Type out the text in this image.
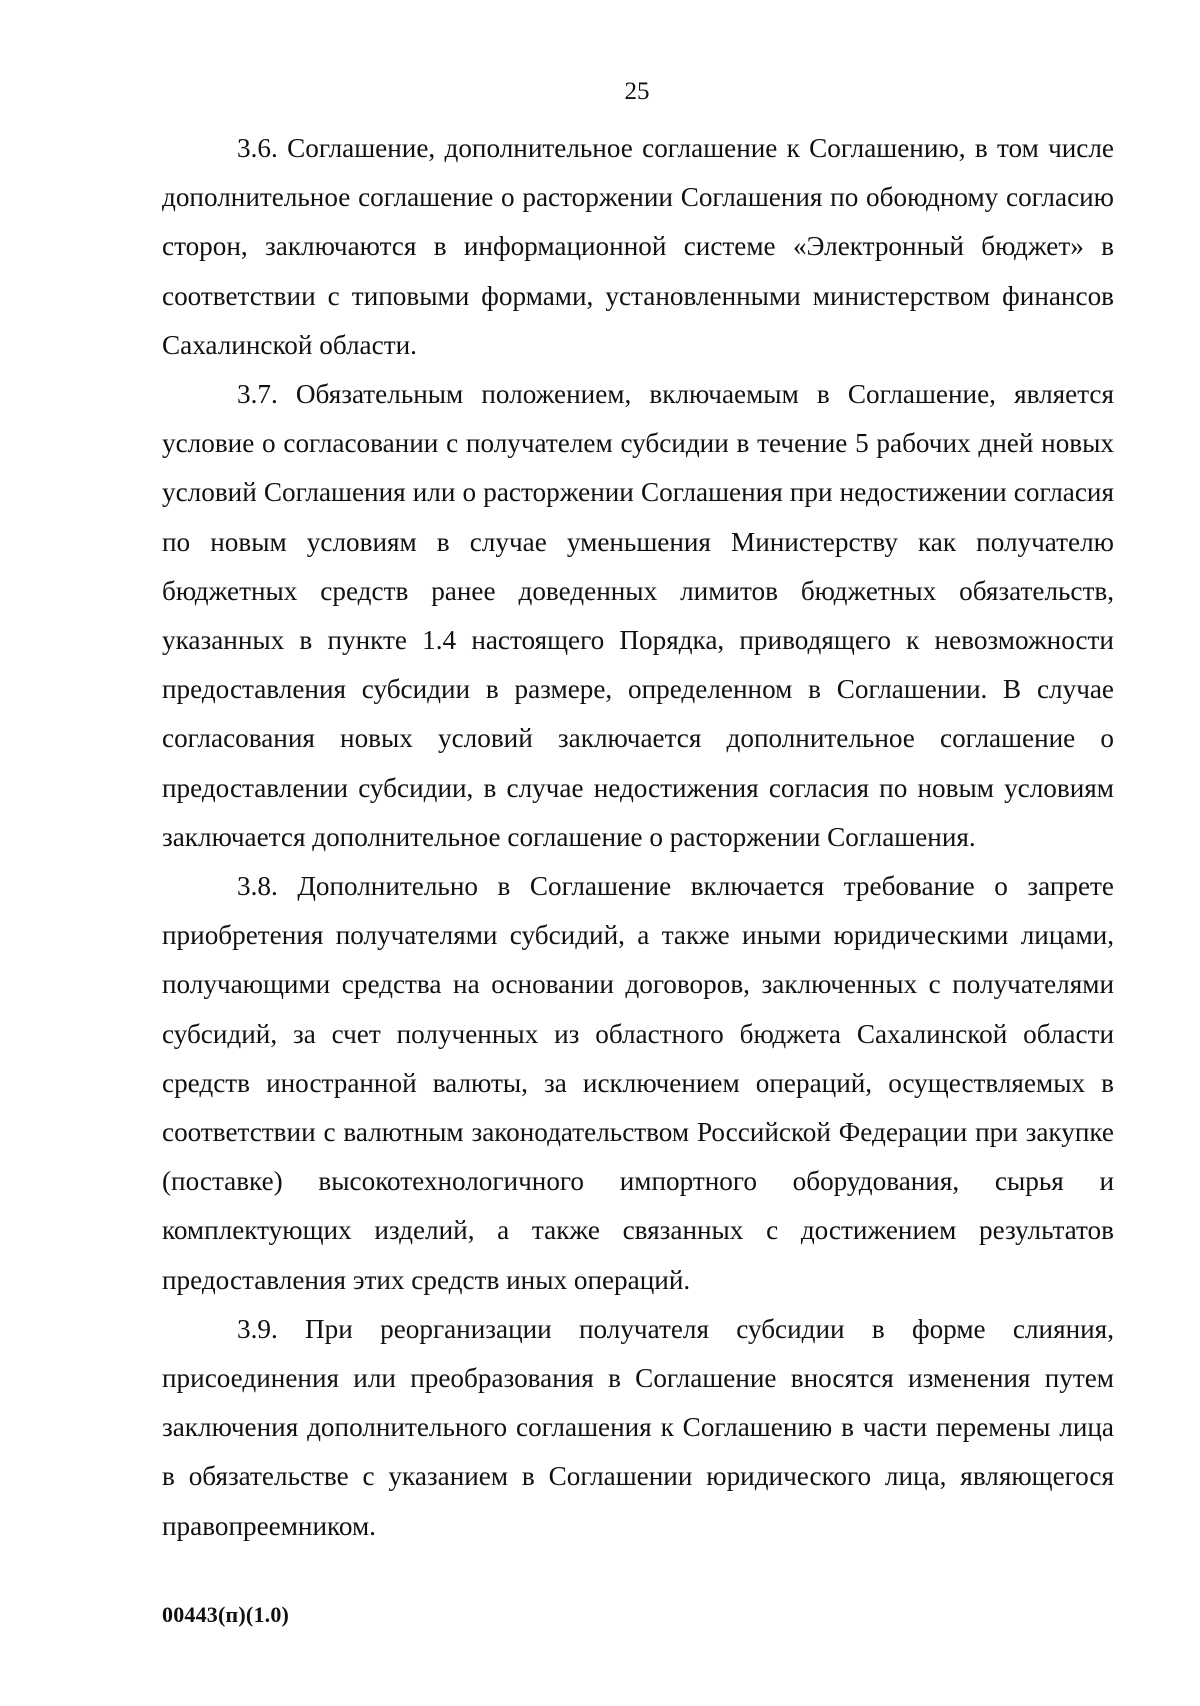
25

3.6. Соглашение, дополнительное соглашение к Соглашению, в том числе дополнительное соглашение о расторжении Соглашения по обоюдному согласию сторон, заключаются в информационной системе «Электронный бюджет» в соответствии с типовыми формами, установленными министерством финансов Сахалинской области.

3.7. Обязательным положением, включаемым в Соглашение, является условие о согласовании с получателем субсидии в течение 5 рабочих дней новых условий Соглашения или о расторжении Соглашения при недостижении согласия по новым условиям в случае уменьшения Министерству как получателю бюджетных средств ранее доведенных лимитов бюджетных обязательств, указанных в пункте 1.4 настоящего Порядка, приводящего к невозможности предоставления субсидии в размере, определенном в Соглашении. В случае согласования новых условий заключается дополнительное соглашение о предоставлении субсидии, в случае недостижения согласия по новым условиям заключается дополнительное соглашение о расторжении Соглашения.

3.8. Дополнительно в Соглашение включается требование о запрете приобретения получателями субсидий, а также иными юридическими лицами, получающими средства на основании договоров, заключенных с получателями субсидий, за счет полученных из областного бюджета Сахалинской области средств иностранной валюты, за исключением операций, осуществляемых в соответствии с валютным законодательством Российской Федерации при закупке (поставке) высокотехнологичного импортного оборудования, сырья и комплектующих изделий, а также связанных с достижением результатов предоставления этих средств иных операций.

3.9. При реорганизации получателя субсидии в форме слияния, присоединения или преобразования в Соглашение вносятся изменения путем заключения дополнительного соглашения к Соглашению в части перемены лица в обязательстве с указанием в Соглашении юридического лица, являющегося правопреемником.

00443(п)(1.0)
